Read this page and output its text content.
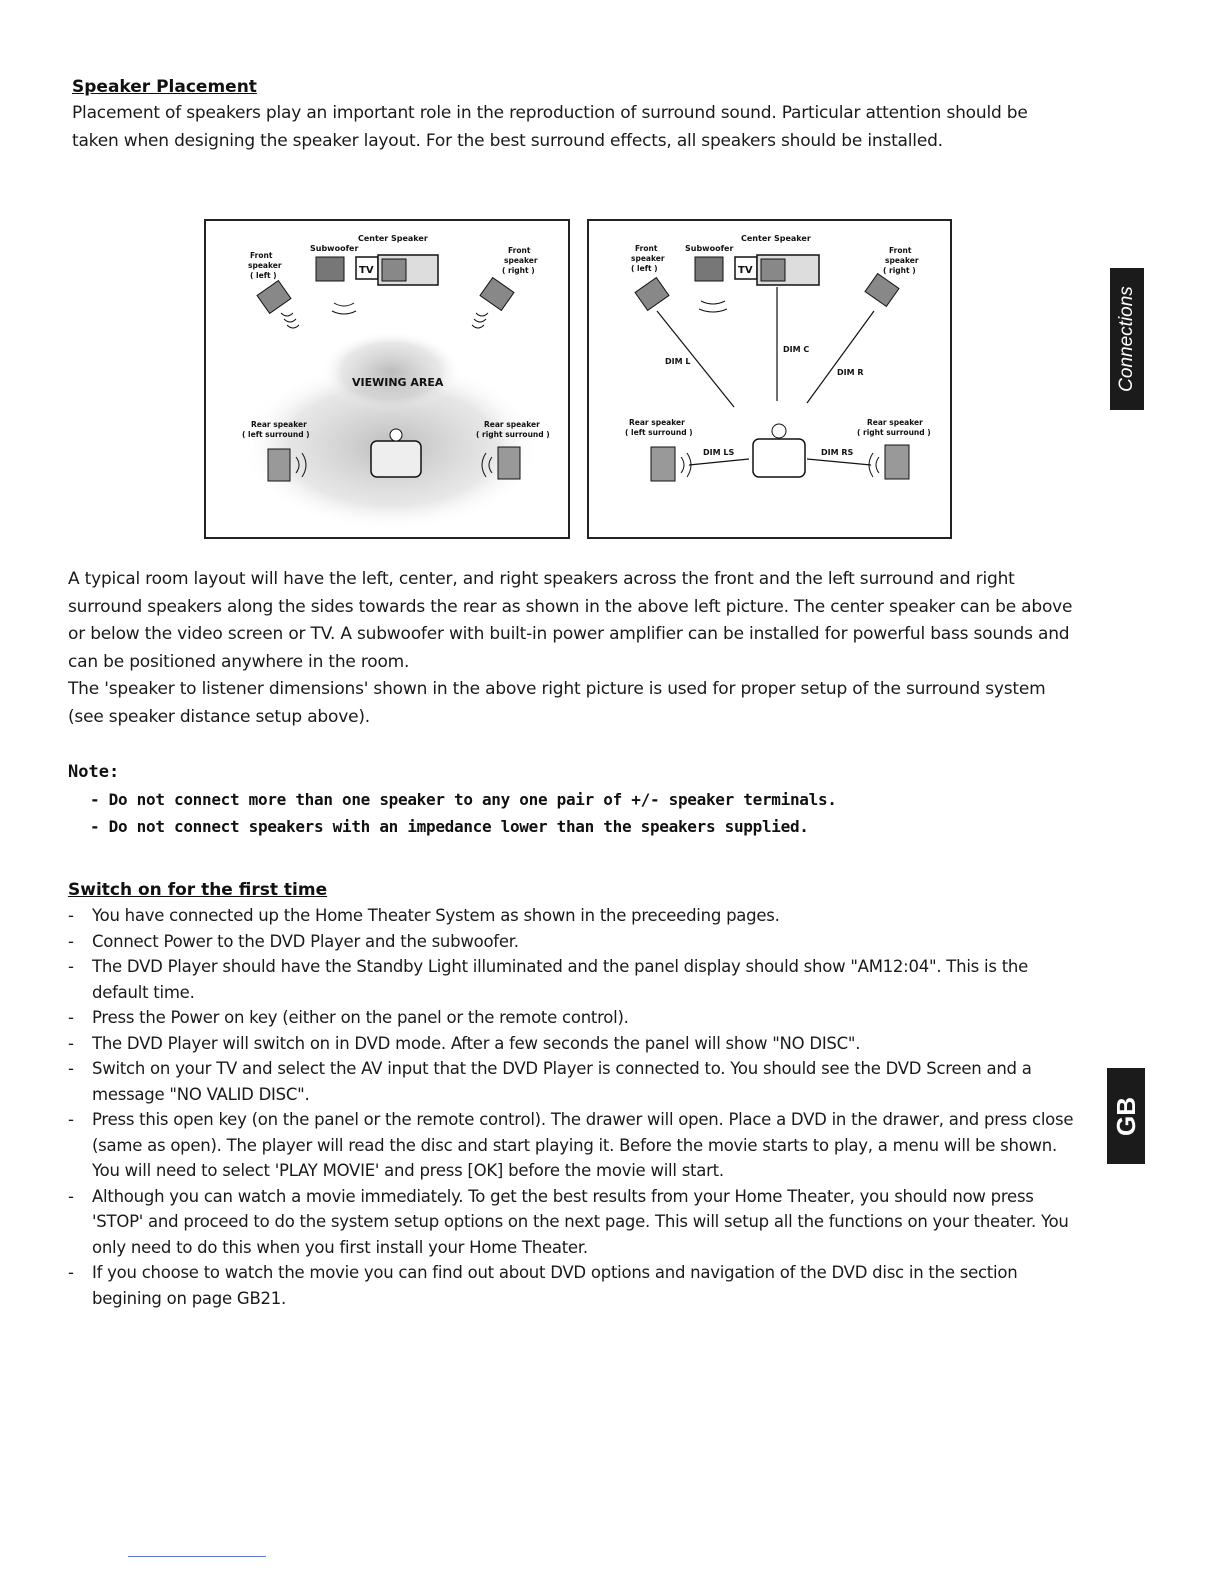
Speaker Placement
Placement of speakers play an important role in the reproduction of surround sound. Particular attention should be taken when designing the speaker layout. For the best surround effects, all speakers should be installed.
Center Speaker
Subwoofer
Front
speaker
( left )
Front
speaker
( right )
TV
VIEWING AREA
Rear speaker
( left surround )
Rear speaker
( right surround )
Center Speaker
Subwoofer
Front
speaker
( left )
Front
speaker
( right )
TV
DIM L
DIM C
DIM R
Rear speaker
( left surround )
Rear speaker
( right surround )
DIM LS	DIM RS
A typical room layout will have the left, center, and right speakers across the front and the left surround and right surround speakers along the sides towards the rear as shown in the above left picture. The center speaker can be above or below the video screen or TV. A subwoofer with built-in power amplifier can be installed for powerful bass sounds and can be positioned anywhere in the room.
The 'speaker to listener dimensions' shown in the above right picture is used for proper setup of the surround system (see speaker distance setup above).
Note:
- Do not connect more than one speaker to any one pair of +/- speaker terminals.
- Do not connect speakers with an impedance lower than the speakers supplied.
Switch on for the first time
- You have connected up the Home Theater System as shown in the preceeding pages.
- Connect Power to the DVD Player and the subwoofer.
- The DVD Player should have the Standby Light illuminated and the panel display should show "AM12:04". This is the default time.
- Press the Power on key (either on the panel or the remote control).
- The DVD Player will switch on in DVD mode. After a few seconds the panel will show "NO DISC".
- Switch on your TV and select the AV input that the DVD Player is connected to. You should see the DVD Screen and a message "NO VALID DISC".
- Press this open key (on the panel or the remote control). The drawer will open. Place a DVD in the drawer, and press close (same as open). The player will read the disc and start playing it. Before the movie starts to play, a menu will be shown. You will need to select 'PLAY MOVIE' and press [OK] before the movie will start.
- Although you can watch a movie immediately. To get the best results from your Home Theater, you should now press 'STOP' and proceed to do the system setup options on the next page. This will setup all the functions on your theater. You only need to do this when you first install your Home Theater.
- If you choose to watch the movie you can find out about DVD options and navigation of the DVD disc in the section begining on page GB21.
Connections
GB
